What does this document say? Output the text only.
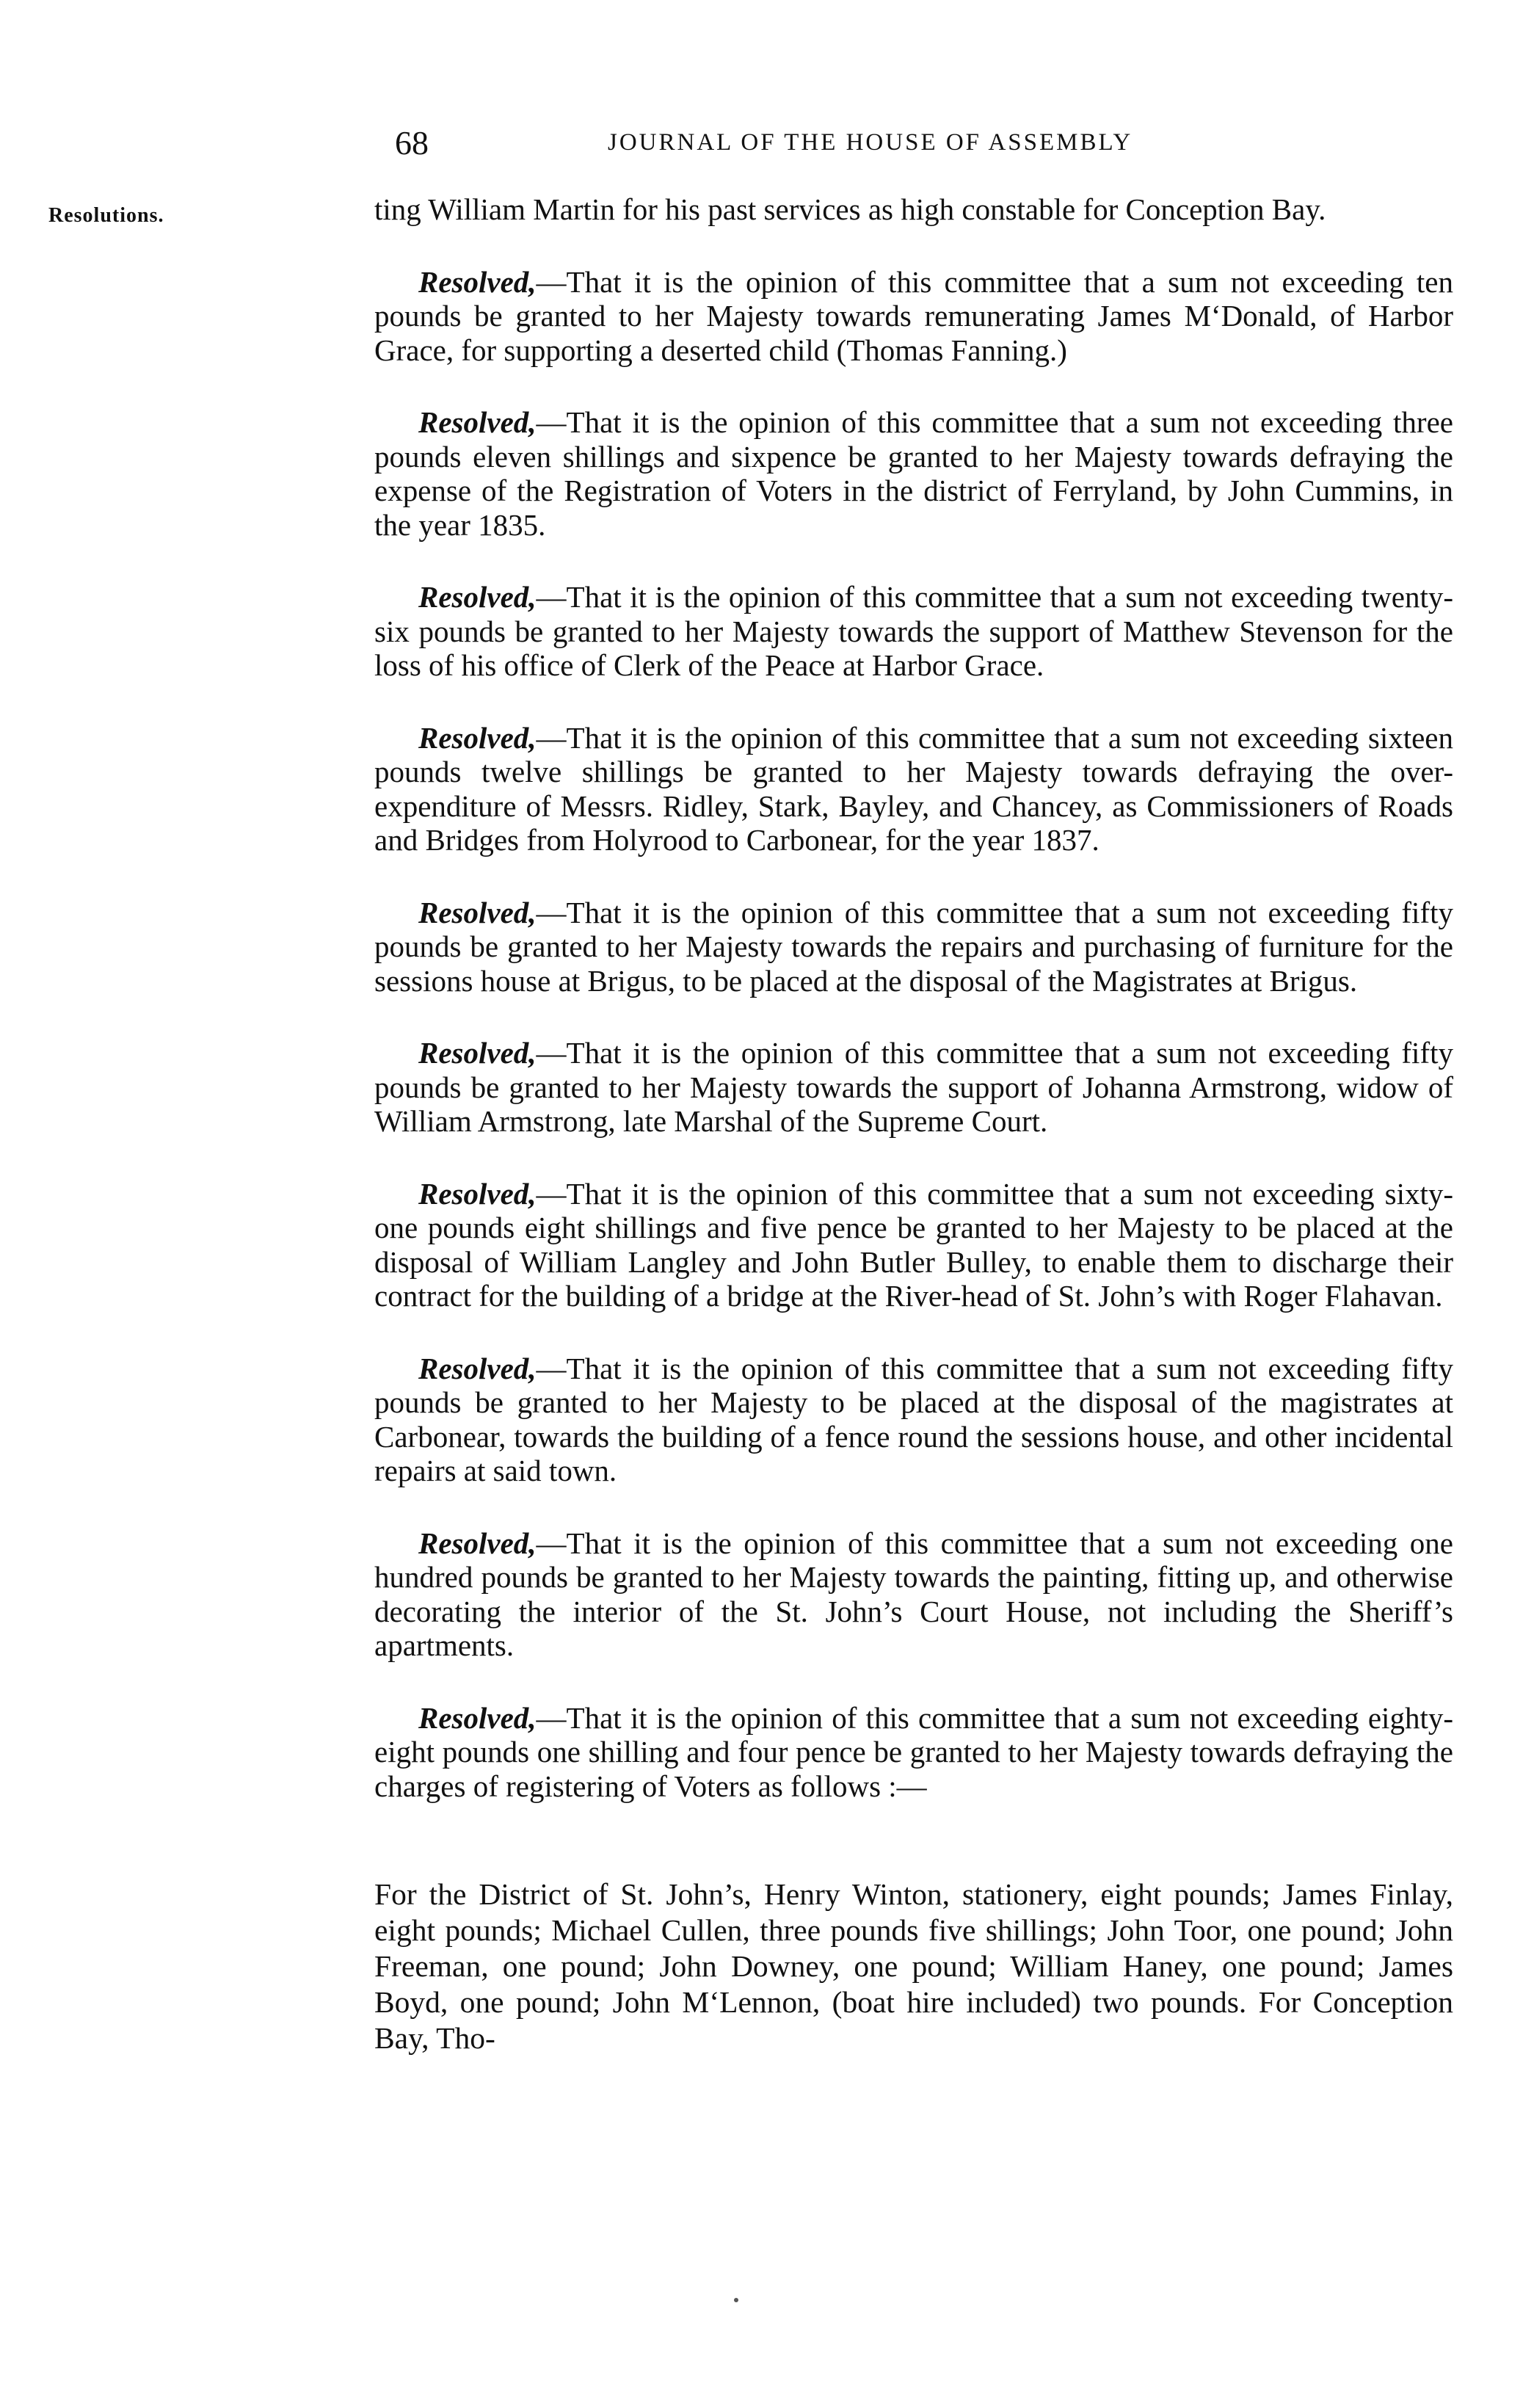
68	JOURNAL OF THE HOUSE OF ASSEMBLY
Resolutions.	ting William Martin for his past services as high constable for Conception Bay.

Resolved,—That it is the opinion of this committee that a sum not exceeding ten pounds be granted to her Majesty towards remunerating James M‘Donald, of Harbor Grace, for supporting a deserted child (Thomas Fanning.)

Resolved,—That it is the opinion of this committee that a sum not exceeding three pounds eleven shillings and sixpence be granted to her Majesty towards defraying the expense of the Registration of Voters in the district of Ferryland, by John Cummins, in the year 1835.

Resolved,—That it is the opinion of this committee that a sum not exceeding twenty-six pounds be granted to her Majesty towards the support of Matthew Stevenson for the loss of his office of Clerk of the Peace at Harbor Grace.

Resolved,—That it is the opinion of this committee that a sum not exceeding sixteen pounds twelve shillings be granted to her Majesty towards defraying the over-expenditure of Messrs. Ridley, Stark, Bayley, and Chancey, as Commissioners of Roads and Bridges from Holyrood to Carbonear, for the year 1837.

Resolved,—That it is the opinion of this committee that a sum not exceeding fifty pounds be granted to her Majesty towards the repairs and purchasing of furniture for the sessions house at Brigus, to be placed at the disposal of the Magistrates at Brigus.

Resolved,—That it is the opinion of this committee that a sum not exceeding fifty pounds be granted to her Majesty towards the support of Johanna Armstrong, widow of William Armstrong, late Marshal of the Supreme Court.

Resolved,—That it is the opinion of this committee that a sum not exceeding sixty-one pounds eight shillings and five pence be granted to her Majesty to be placed at the disposal of William Langley and John Butler Bulley, to enable them to discharge their contract for the building of a bridge at the River-head of St. John’s with Roger Flahavan.

Resolved,—That it is the opinion of this committee that a sum not exceeding fifty pounds be granted to her Majesty to be placed at the disposal of the magistrates at Carbonear, towards the building of a fence round the sessions house, and other incidental repairs at said town.

Resolved,—That it is the opinion of this committee that a sum not exceeding one hundred pounds be granted to her Majesty towards the painting, fitting up, and otherwise decorating the interior of the St. John’s Court House, not including the Sheriff’s apartments.

Resolved,—That it is the opinion of this committee that a sum not exceeding eighty-eight pounds one shilling and four pence be granted to her Majesty towards defraying the charges of registering of Voters as follows :—

For the District of St. John’s, Henry Winton, stationery, eight pounds; James Finlay, eight pounds; Michael Cullen, three pounds five shillings; John Toor, one pound; John Freeman, one pound; John Downey, one pound; William Haney, one pound; James Boyd, one pound; John M‘Lennon, (boat hire included) two pounds. For Conception Bay, Tho-
